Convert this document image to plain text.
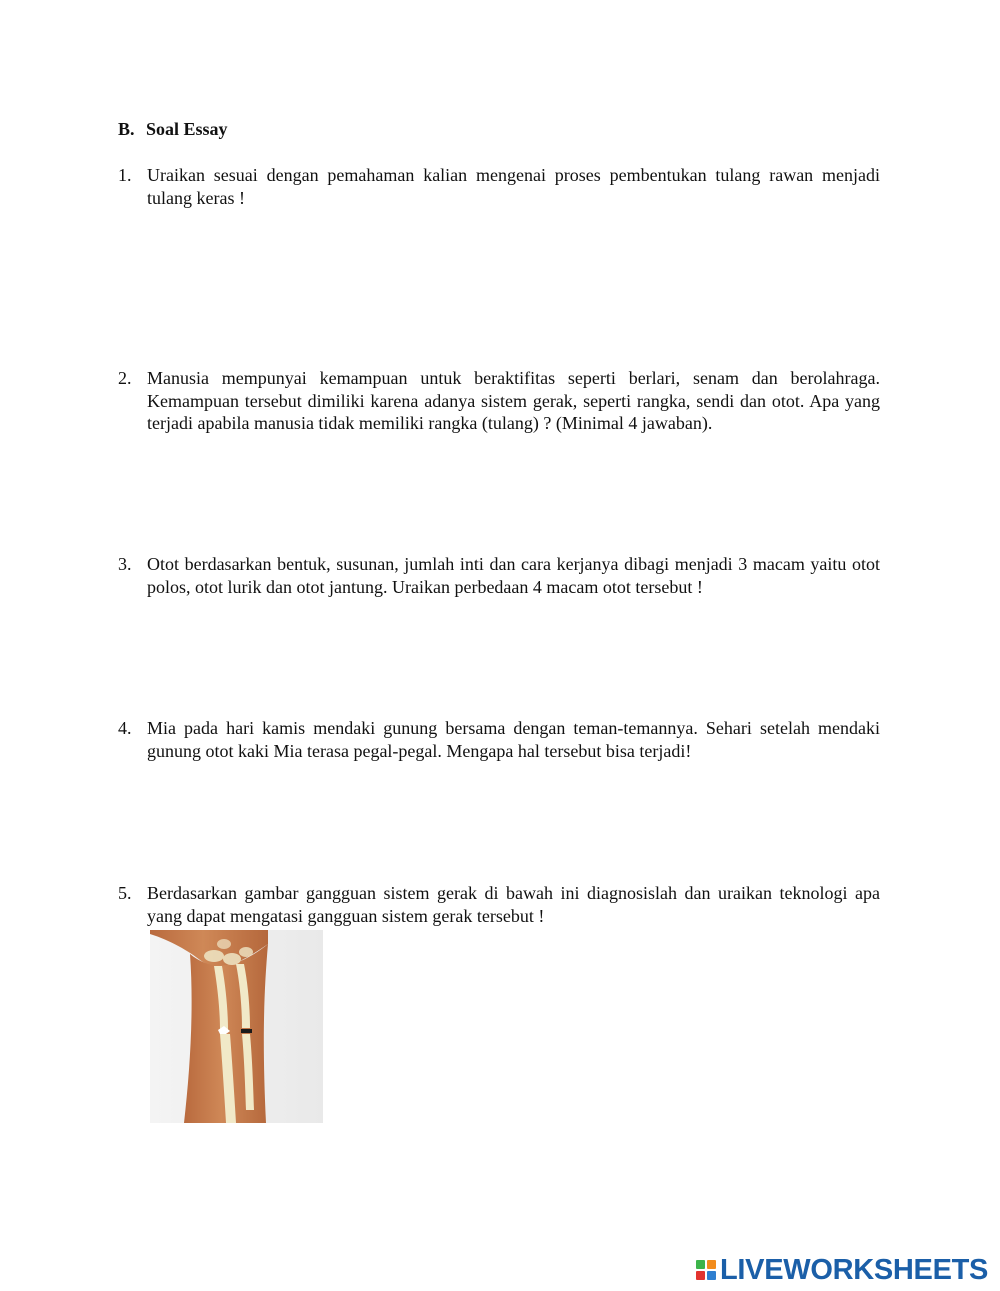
B. Soal Essay
1. Uraikan sesuai dengan pemahaman kalian mengenai proses pembentukan tulang rawan menjadi tulang keras !
2. Manusia mempunyai kemampuan untuk beraktifitas seperti berlari, senam dan berolahraga. Kemampuan tersebut dimiliki karena adanya sistem gerak, seperti rangka, sendi dan otot. Apa yang terjadi apabila manusia tidak memiliki rangka (tulang) ? (Minimal 4 jawaban).
3. Otot berdasarkan bentuk, susunan, jumlah inti dan cara kerjanya dibagi menjadi 3 macam yaitu otot polos, otot lurik dan otot jantung. Uraikan perbedaan 4 macam otot tersebut !
4. Mia pada hari kamis mendaki gunung bersama dengan teman-temannya. Sehari setelah mendaki gunung otot kaki Mia terasa pegal-pegal. Mengapa hal tersebut bisa terjadi!
5. Berdasarkan gambar gangguan sistem gerak di bawah ini diagnosislah dan uraikan teknologi apa yang dapat mengatasi gangguan sistem gerak tersebut !
LIVEWORKSHEETS
